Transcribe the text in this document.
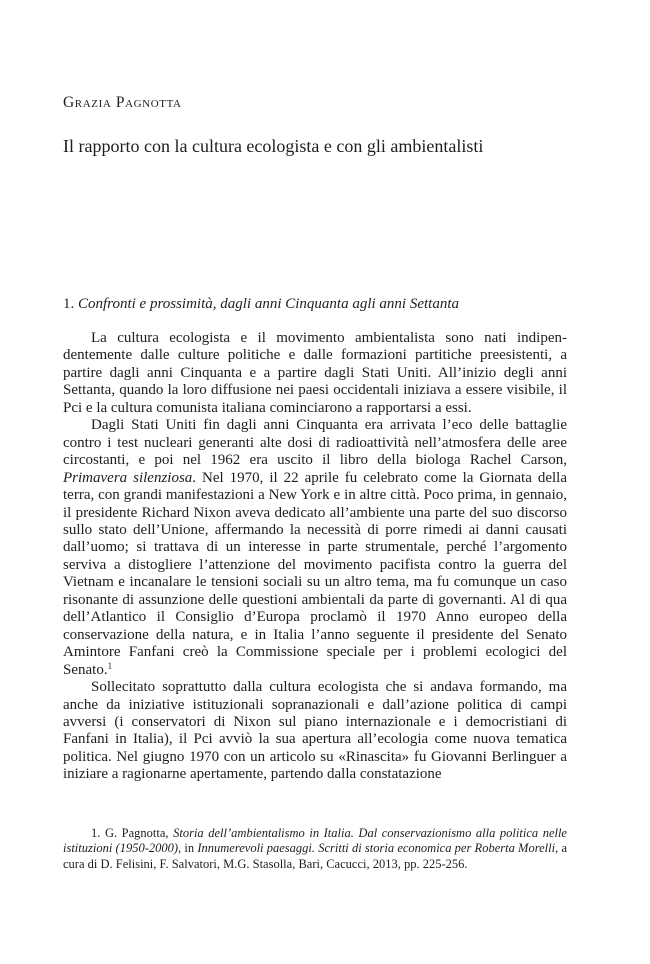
Grazia Pagnotta
Il rapporto con la cultura ecologista e con gli ambientalisti
1. Confronti e prossimità, dagli anni Cinquanta agli anni Settanta

La cultura ecologista e il movimento ambientalista sono nati indipendentemente dalle culture politiche e dalle formazioni partitiche preesistenti, a partire dagli anni Cinquanta e a partire dagli Stati Uniti. All’inizio degli anni Settanta, quando la loro diffusione nei paesi occidentali iniziava a essere visibile, il Pci e la cultura comunista italiana cominciarono a rapportarsi a essi.

Dagli Stati Uniti fin dagli anni Cinquanta era arrivata l’eco delle battaglie contro i test nucleari generanti alte dosi di radioattività nell’atmosfera delle aree circostanti, e poi nel 1962 era uscito il libro della biologa Rachel Carson, Primavera silenziosa. Nel 1970, il 22 aprile fu celebrato come la Giornata della terra, con grandi manifestazioni a New York e in altre città. Poco prima, in gennaio, il presidente Richard Nixon aveva dedicato all’ambiente una parte del suo discorso sullo stato dell’Unione, affermando la necessità di porre rimedi ai danni causati dall’uomo; si trattava di un interesse in parte strumentale, perché l’argomento serviva a distogliere l’attenzione del movimento pacifista contro la guerra del Vietnam e incanalare le tensioni sociali su un altro tema, ma fu comunque un caso risonante di assunzione delle questioni ambientali da parte di governanti. Al di qua dell’Atlantico il Consiglio d’Europa proclamò il 1970 Anno europeo della conservazione della natura, e in Italia l’anno seguente il presidente del Senato Amintore Fanfani creò la Commissione speciale per i problemi ecologici del Senato.$^1$

Sollecitato soprattutto dalla cultura ecologista che si andava formando, ma anche da iniziative istituzionali sopranazionali e dall’azione politica di campi avversi (i conservatori di Nixon sul piano internazionale e i democristiani di Fanfani in Italia), il Pci avviò la sua apertura all’ecologia come nuova tematica politica. Nel giugno 1970 con un articolo su «Rinascita» fu Giovanni Berlinguer a iniziare a ragionarne apertamente, partendo dalla constatazione

1. G. Pagnotta, Storia dell’ambientalismo in Italia. Dal conservazionismo alla politica nelle istituzioni (1950-2000), in Innumerevoli paesaggi. Scritti di storia economica per Roberta Morelli, a cura di D. Felisini, F. Salvatori, M.G. Stasolla, Bari, Cacucci, 2013, pp. 225-256.
